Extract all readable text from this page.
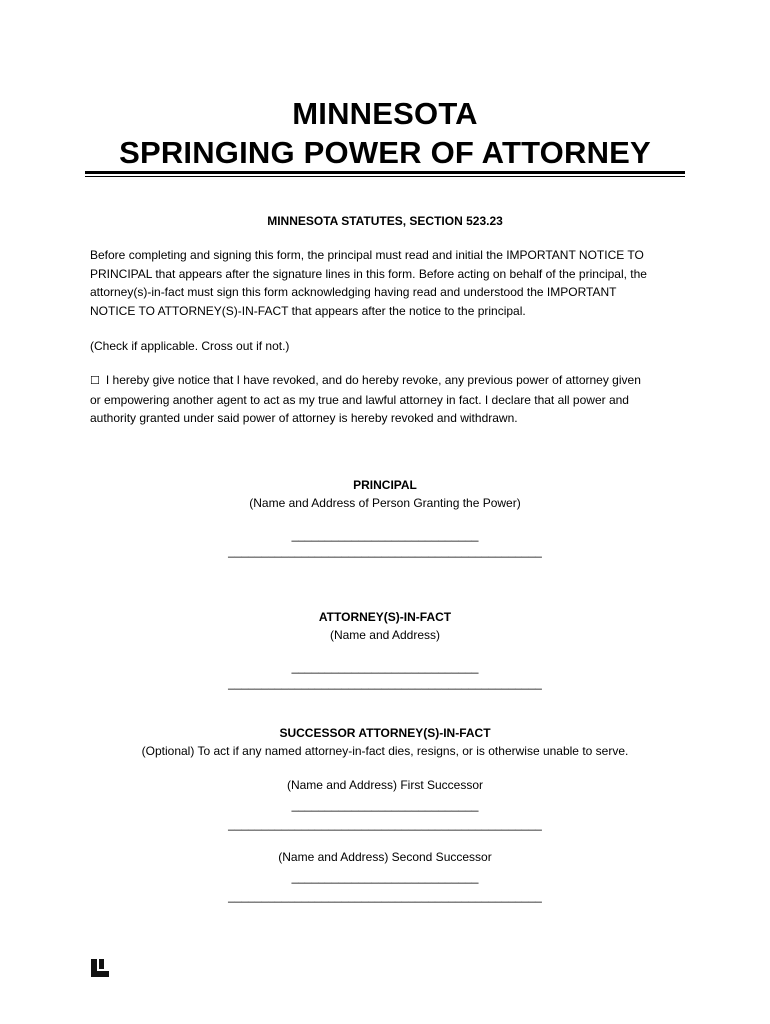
MINNESOTA
SPRINGING POWER OF ATTORNEY
MINNESOTA STATUTES, SECTION 523.23
Before completing and signing this form, the principal must read and initial the IMPORTANT NOTICE TO
PRINCIPAL that appears after the signature lines in this form. Before acting on behalf of the principal, the
attorney(s)-in-fact must sign this form acknowledging having read and understood the IMPORTANT
NOTICE TO ATTORNEY(S)-IN-FACT that appears after the notice to the principal.
(Check if applicable. Cross out if not.)
☐ I hereby give notice that I have revoked, and do hereby revoke, any previous power of attorney given
or empowering another agent to act as my true and lawful attorney in fact. I declare that all power and
authority granted under said power of attorney is hereby revoked and withdrawn.
PRINCIPAL
(Name and Address of Person Granting the Power)
____________________________
_______________________________________________
ATTORNEY(S)-IN-FACT
(Name and Address)
____________________________
_______________________________________________
SUCCESSOR ATTORNEY(S)-IN-FACT
(Optional) To act if any named attorney-in-fact dies, resigns, or is otherwise unable to serve.
(Name and Address) First Successor
____________________________
_______________________________________________
(Name and Address) Second Successor
____________________________
_______________________________________________
